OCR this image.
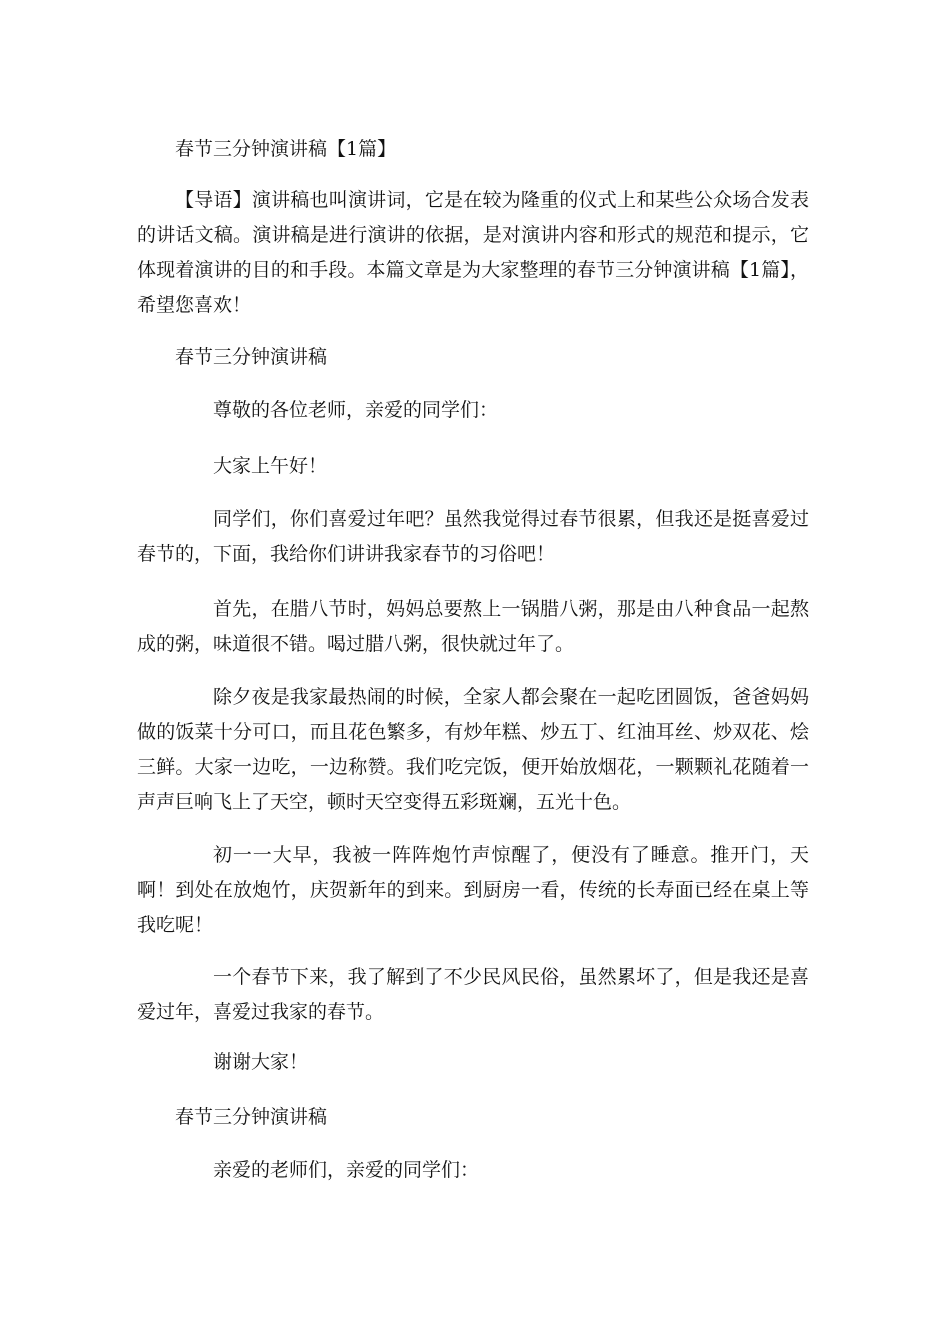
春节三分钟演讲稿【1篇】
【导语】演讲稿也叫演讲词，它是在较为隆重的仪式上和某些公众场合发表的讲话文稿。演讲稿是进行演讲的依据，是对演讲内容和形式的规范和提示，它体现着演讲的目的和手段。本篇文章是为大家整理的春节三分钟演讲稿【1篇】，希望您喜欢！
春节三分钟演讲稿
尊敬的各位老师，亲爱的同学们：
大家上午好！
同学们，你们喜爱过年吧？虽然我觉得过春节很累，但我还是挺喜爱过春节的，下面，我给你们讲讲我家春节的习俗吧！
首先，在腊八节时，妈妈总要熬上一锅腊八粥，那是由八种食品一起熬成的粥，味道很不错。喝过腊八粥，很快就过年了。
除夕夜是我家最热闹的时候，全家人都会聚在一起吃团圆饭，爸爸妈妈做的饭菜十分可口，而且花色繁多，有炒年糕、炒五丁、红油耳丝、炒双花、烩三鲜。大家一边吃，一边称赞。我们吃完饭，便开始放烟花，一颗颗礼花随着一声声巨响飞上了天空，顿时天空变得五彩斑斓，五光十色。
初一一大早，我被一阵阵炮竹声惊醒了，便没有了睡意。推开门，天啊！到处在放炮竹，庆贺新年的到来。到厨房一看，传统的长寿面已经在桌上等我吃呢！
一个春节下来，我了解到了不少民风民俗，虽然累坏了，但是我还是喜爱过年，喜爱过我家的春节。
谢谢大家！
春节三分钟演讲稿
亲爱的老师们，亲爱的同学们：
